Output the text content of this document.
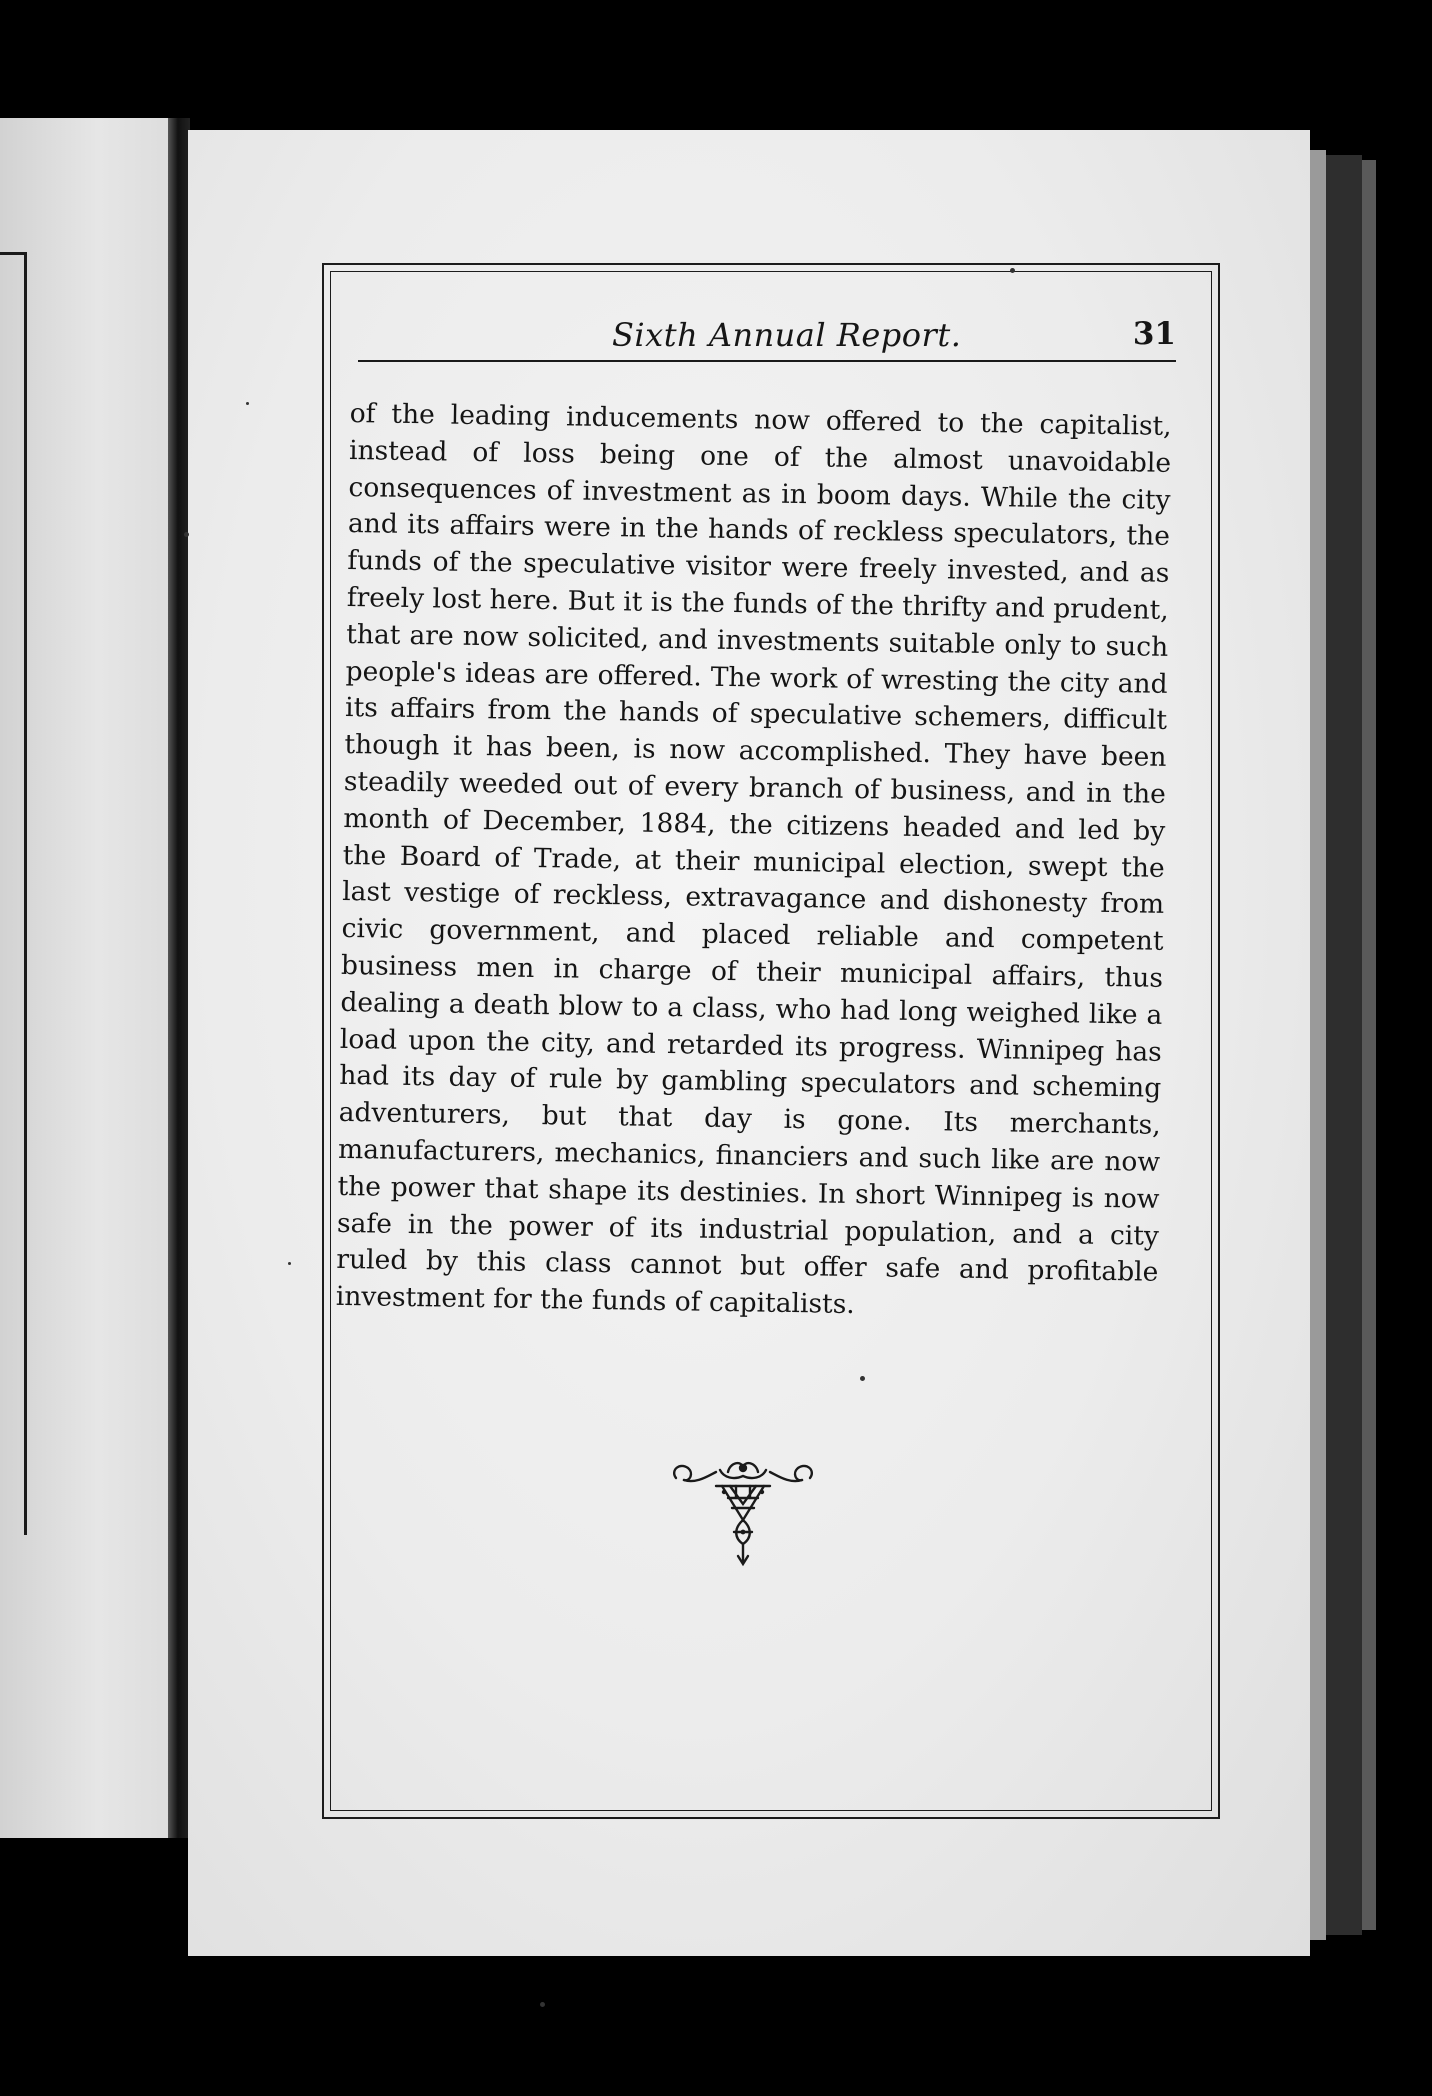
Sixth Annual Report.	31

of the leading inducements now offered to the capitalist, instead of loss being one of the almost unavoidable consequences of investment as in boom days. While the city and its affairs were in the hands of reckless speculators, the funds of the speculative visitor were freely invested, and as freely lost here. But it is the funds of the thrifty and prudent, that are now solicited, and investments suitable only to such people's ideas are offered. The work of wresting the city and its affairs from the hands of speculative schemers, difficult though it has been, is now accomplished. They have been steadily weeded out of every branch of business, and in the month of December, 1884, the citizens headed and led by the Board of Trade, at their municipal election, swept the last vestige of reckless, extravagance and dishonesty from civic government, and placed reliable and competent business men in charge of their municipal affairs, thus dealing a death blow to a class, who had long weighed like a load upon the city, and retarded its progress. Winnipeg has had its day of rule by gambling speculators and scheming adventurers, but that day is gone. Its merchants, manufacturers, mechanics, financiers and such like are now the power that shape its destinies. In short Winnipeg is now safe in the power of its industrial population, and a city ruled by this class cannot but offer safe and profitable investment for the funds of capitalists.
